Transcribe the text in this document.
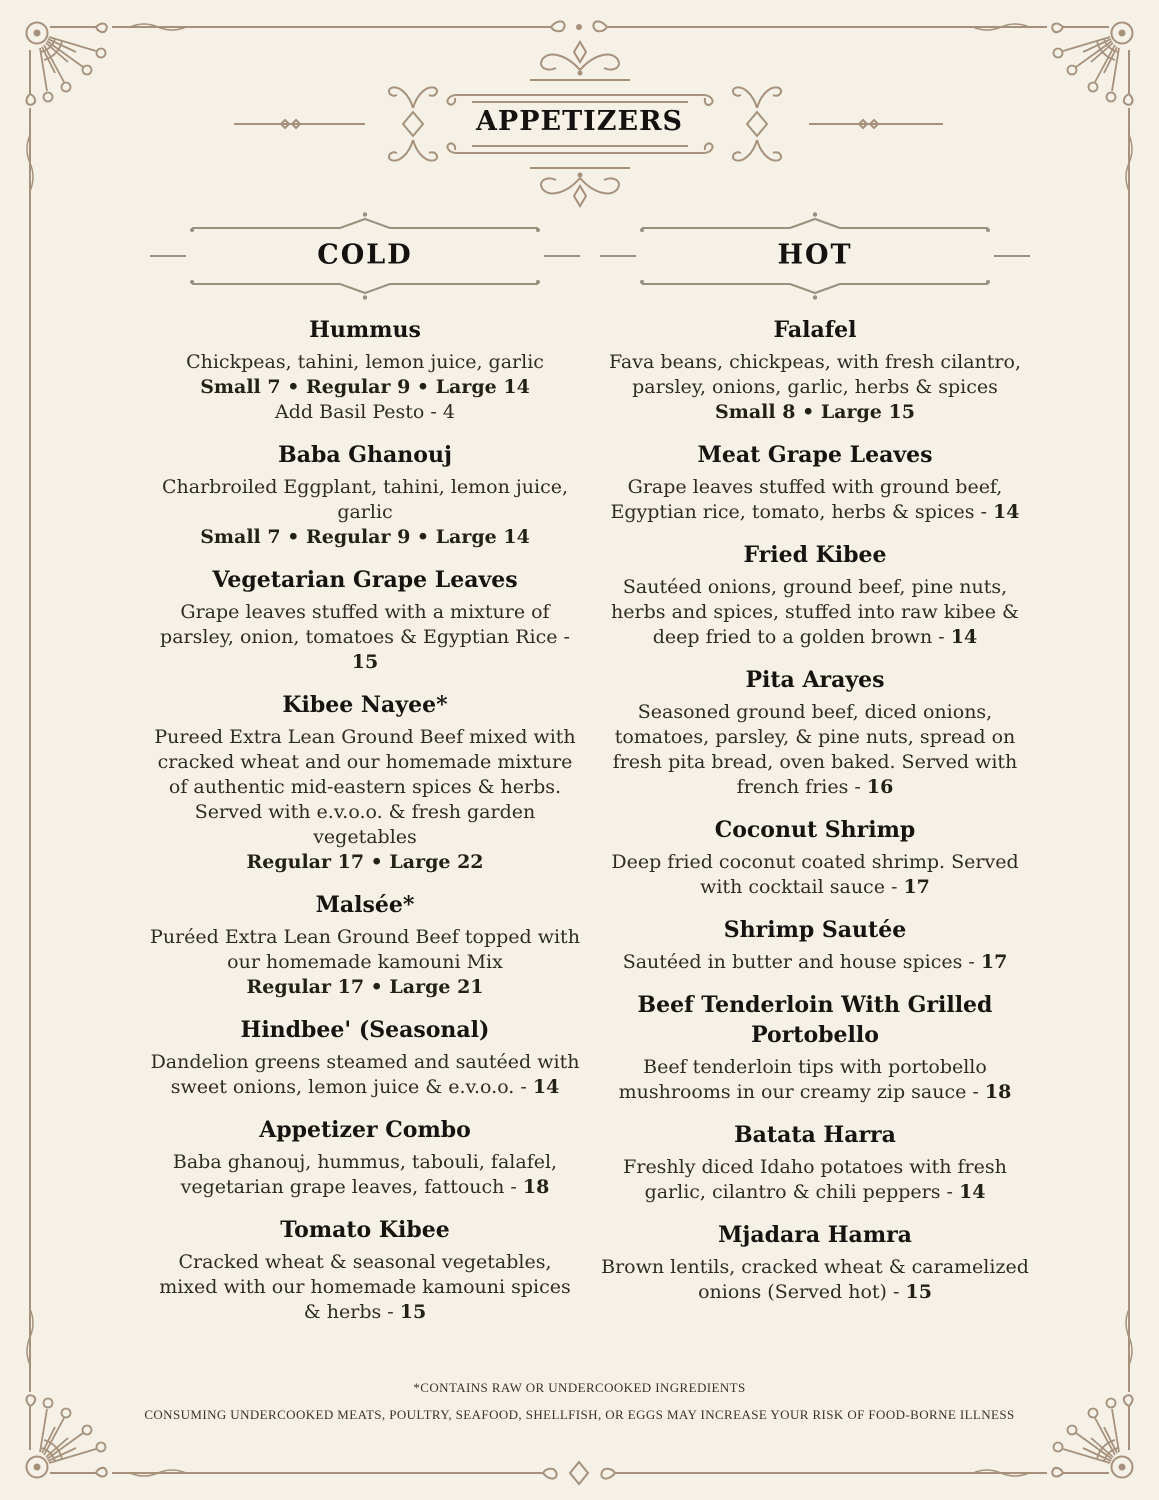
APPETIZERS
COLD
Hummus

Chickpeas, tahini, lemon juice, garlic

Small 7 • Regular 9 • Large 14

Add Basil Pesto - 4

Baba Ghanouj

Charbroiled Eggplant, tahini, lemon juice, garlic

Small 7 • Regular 9 • Large 14

Vegetarian Grape Leaves

Grape leaves stuffed with a mixture of parsley, onion, tomatoes & Egyptian Rice - 15

Kibee Nayee*

Pureed Extra Lean Ground Beef mixed with cracked wheat and our homemade mixture of authentic mid-eastern spices & herbs. Served with e.v.o.o. & fresh garden vegetables

Regular 17 • Large 22

Malsée*

Puréed Extra Lean Ground Beef topped with our homemade kamouni Mix

Regular 17 • Large 21

Hindbee' (Seasonal)

Dandelion greens steamed and sautéed with sweet onions, lemon juice & e.v.o.o. - 14

Appetizer Combo

Baba ghanouj, hummus, tabouli, falafel, vegetarian grape leaves, fattouch - 18

Tomato Kibee

Cracked wheat & seasonal vegetables, mixed with our homemade kamouni spices & herbs - 15

HOT
Falafel

Fava beans, chickpeas, with fresh cilantro, parsley, onions, garlic, herbs & spices

Small 8 • Large 15

Meat Grape Leaves

Grape leaves stuffed with ground beef, Egyptian rice, tomato, herbs & spices - 14

Fried Kibee

Sautéed onions, ground beef, pine nuts, herbs and spices, stuffed into raw kibee & deep fried to a golden brown - 14

Pita Arayes

Seasoned ground beef, diced onions, tomatoes, parsley, & pine nuts, spread on fresh pita bread, oven baked. Served with french fries - 16

Coconut Shrimp

Deep fried coconut coated shrimp. Served with cocktail sauce - 17

Shrimp Sautée

Sautéed in butter and house spices - 17

Beef Tenderloin With Grilled Portobello

Beef tenderloin tips with portobello mushrooms in our creamy zip sauce - 18

Batata Harra

Freshly diced Idaho potatoes with fresh garlic, cilantro & chili peppers - 14

Mjadara Hamra

Brown lentils, cracked wheat & caramelized onions (Served hot) - 15

*CONTAINS RAW OR UNDERCOOKED INGREDIENTS

CONSUMING UNDERCOOKED MEATS, POULTRY, SEAFOOD, SHELLFISH, OR EGGS MAY INCREASE YOUR RISK OF FOOD-BORNE ILLNESS
